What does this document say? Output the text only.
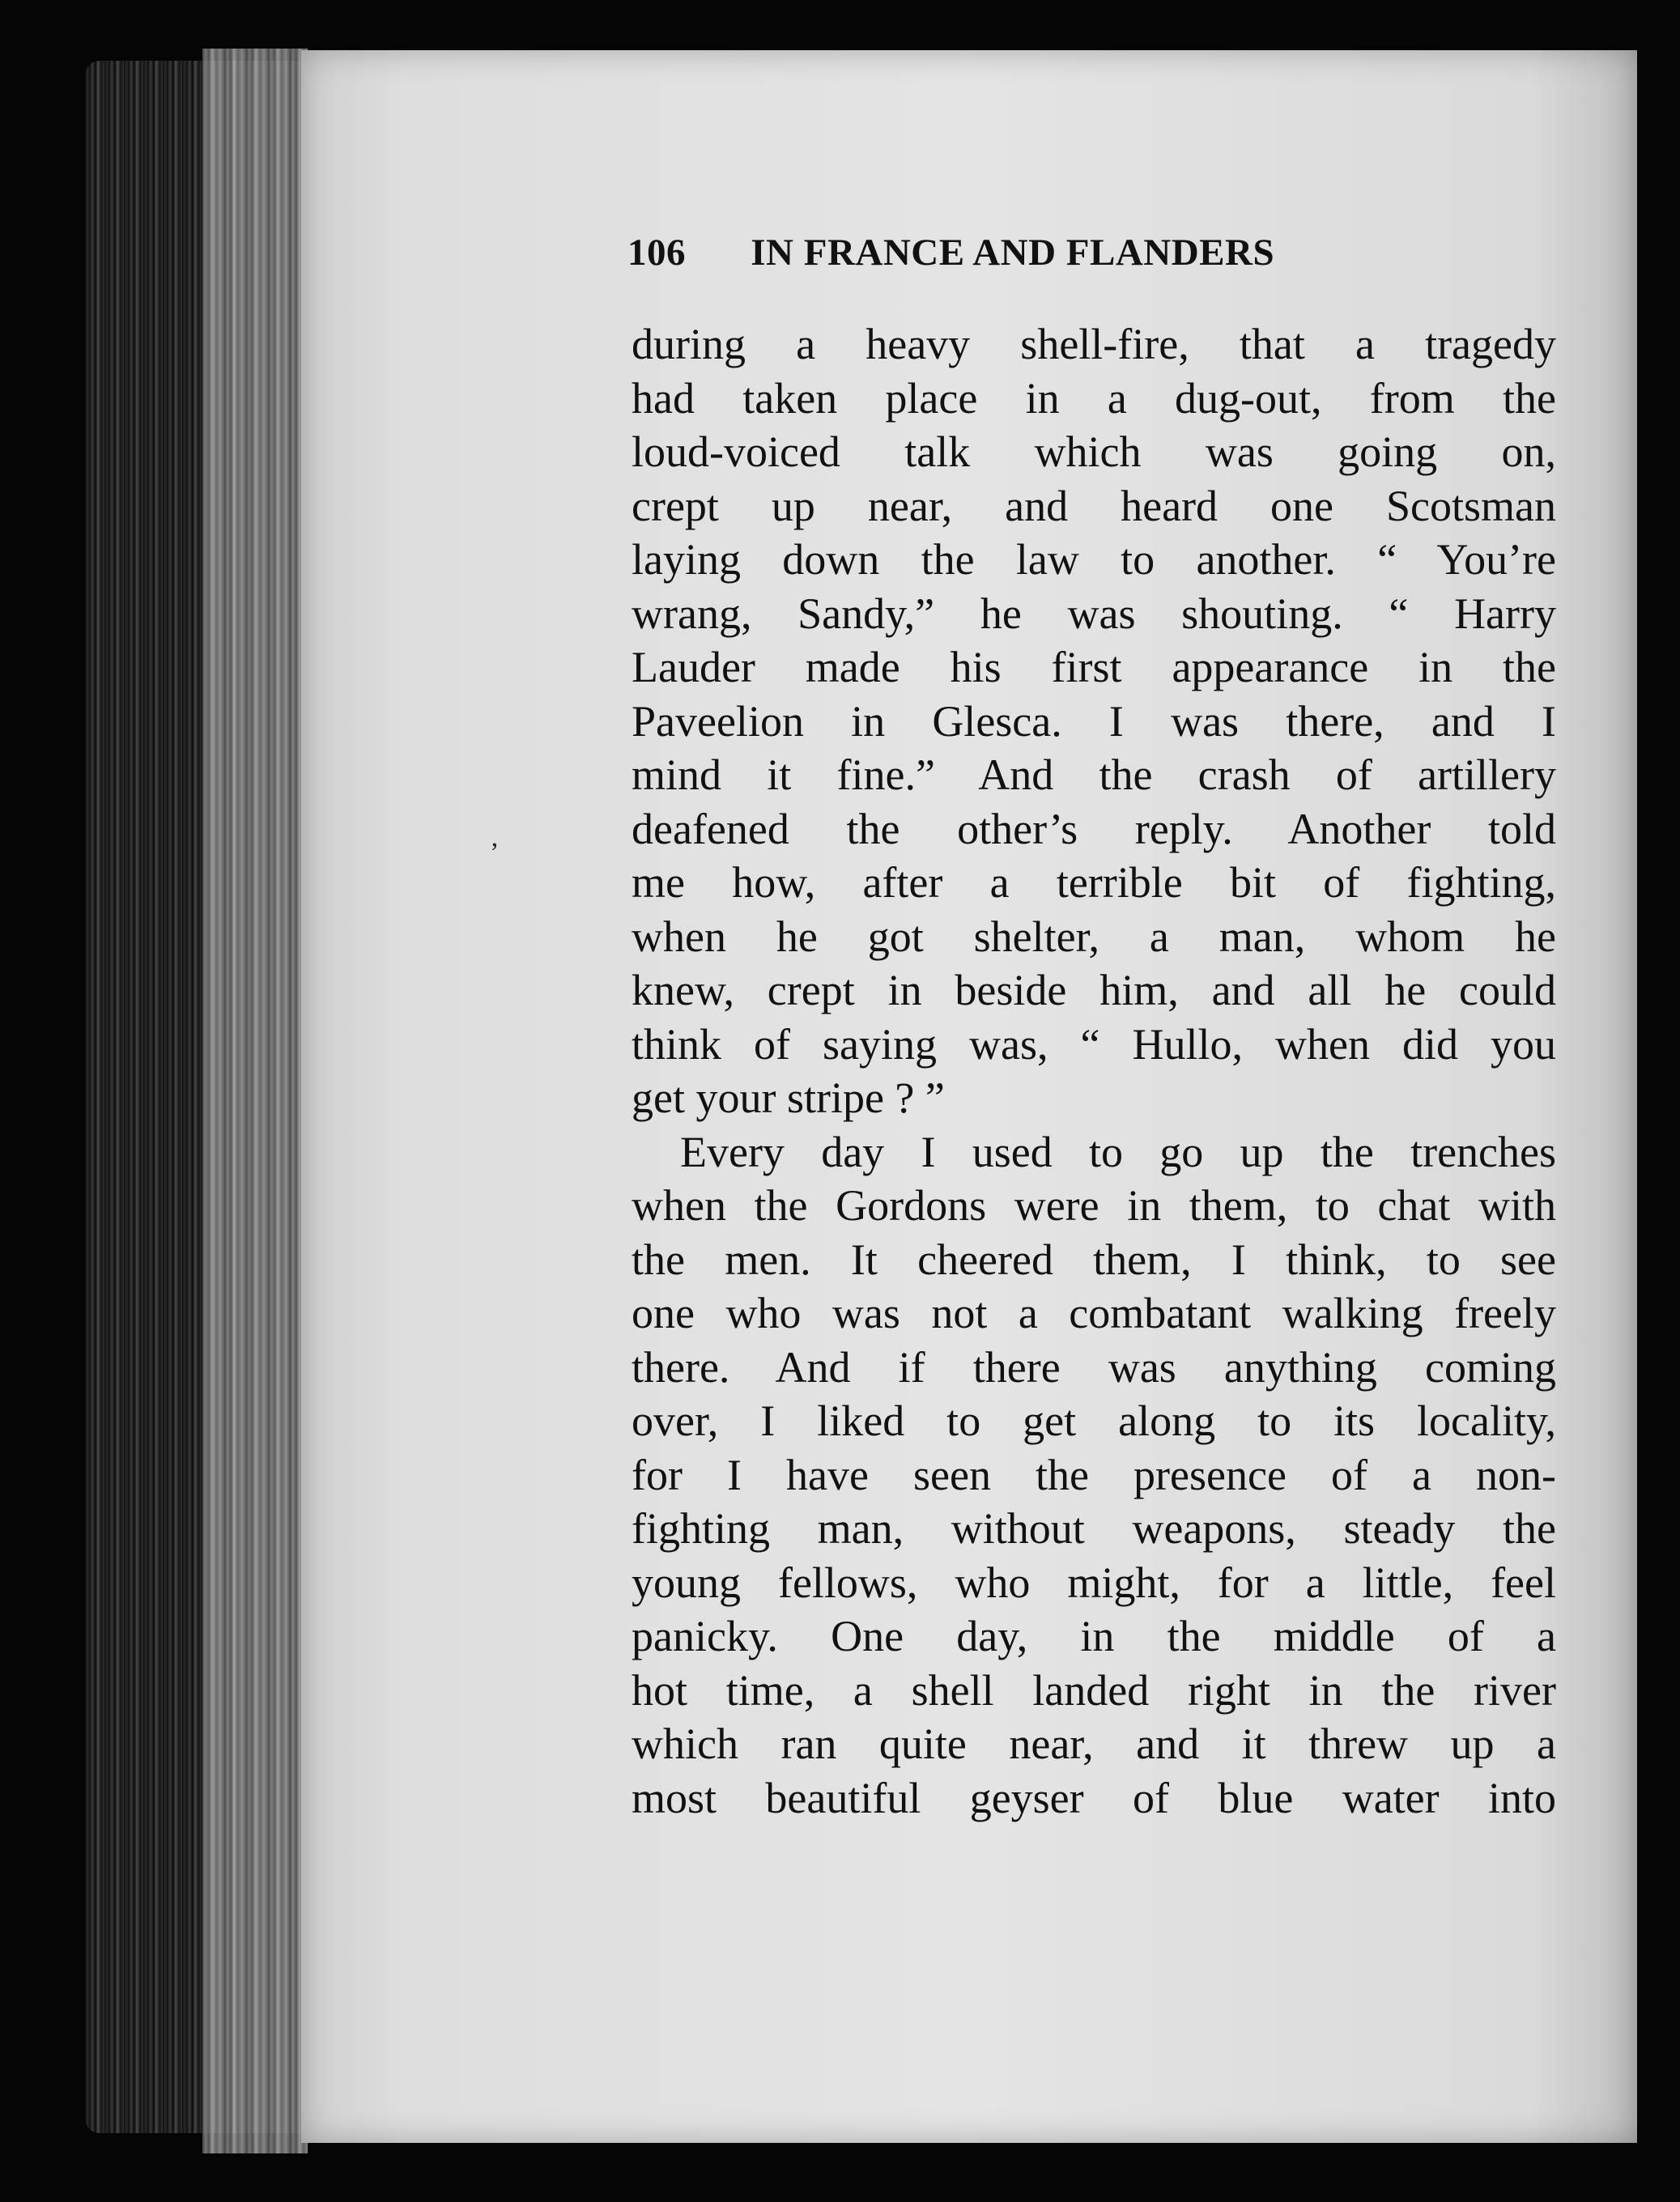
106 IN FRANCE AND FLANDERS
ʼ
during a heavy shell-fire, that a tragedy
had taken place in a dug-out, from the
loud-voiced talk which was going on,
crept up near, and heard one Scotsman
laying down the law to another. “ You’re
wrang, Sandy,” he was shouting. “ Harry
Lauder made his first appearance in the
Paveelion in Glesca. I was there, and I
mind it fine.” And the crash of artillery
deafened the other’s reply. Another told
me how, after a terrible bit of fighting,
when he got shelter, a man, whom he
knew, crept in beside him, and all he could
think of saying was, “ Hullo, when did you
get your stripe ? ”
Every day I used to go up the trenches
when the Gordons were in them, to chat with
the men. It cheered them, I think, to see
one who was not a combatant walking freely
there. And if there was anything coming
over, I liked to get along to its locality,
for I have seen the presence of a non-
fighting man, without weapons, steady the
young fellows, who might, for a little, feel
panicky. One day, in the middle of a
hot time, a shell landed right in the river
which ran quite near, and it threw up a
most beautiful geyser of blue water into
